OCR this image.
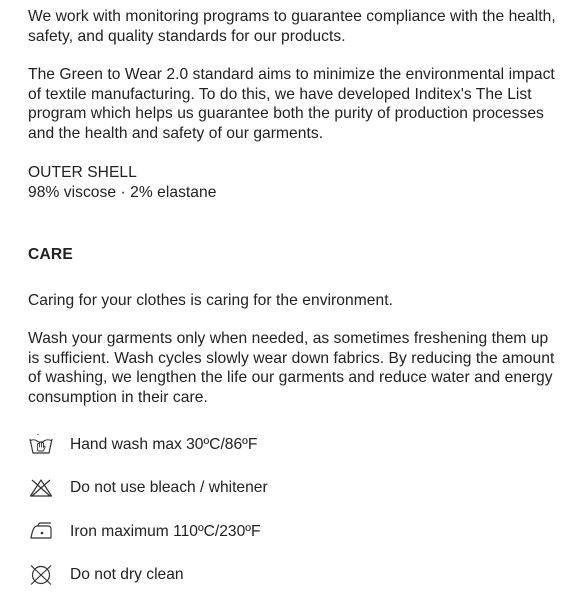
We work with monitoring programs to guarantee compliance with the health, safety, and quality standards for our products.

The Green to Wear 2.0 standard aims to minimize the environmental impact of textile manufacturing. To do this, we have developed Inditex's The List program which helps us guarantee both the purity of production processes and the health and safety of our garments.

OUTER SHELL

98% viscose · 2% elastane

CARE

Caring for your clothes is caring for the environment.

Wash your garments only when needed, as sometimes freshening them up is sufficient. Wash cycles slowly wear down fabrics. By reducing the amount of washing, we lengthen the life our garments and reduce water and energy consumption in their care.

Hand wash max 30ºC/86ºF
Do not use bleach / whitener
Iron maximum 110ºC/230ºF
Do not dry clean
